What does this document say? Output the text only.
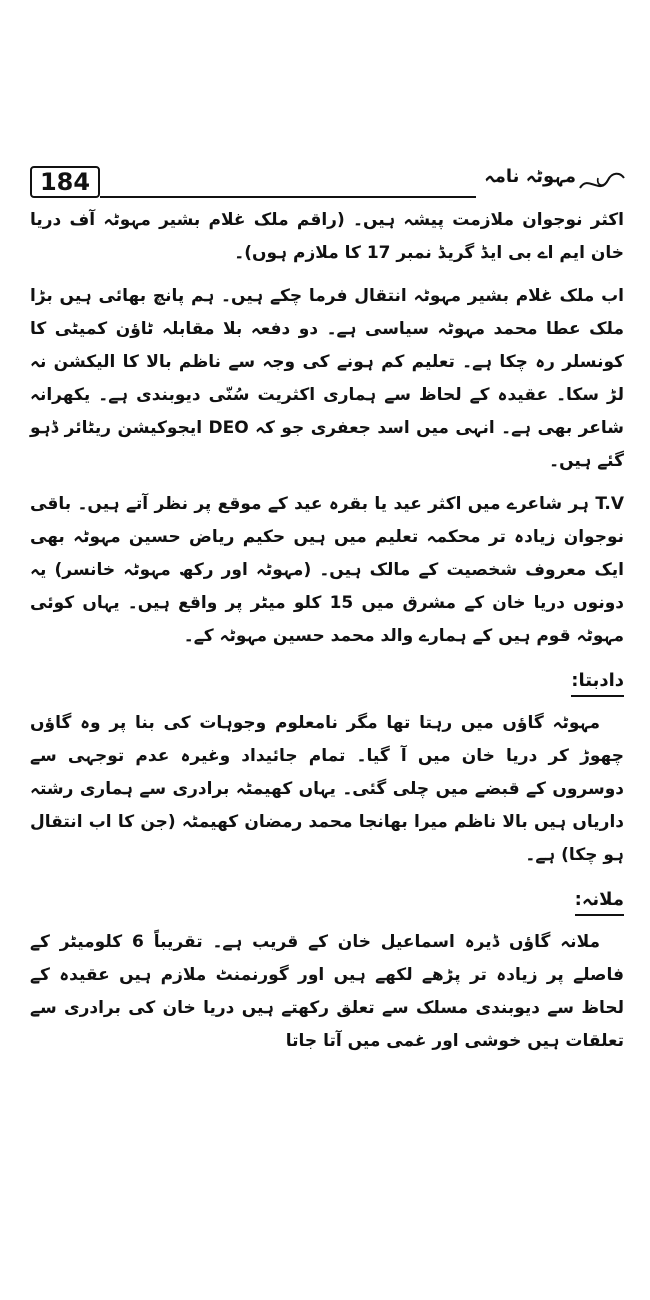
184	مہوٹہ نامہ

اکثر نوجوان ملازمت پیشہ ہیں۔ (راقم ملک غلام بشیر مہوٹہ آف دریا خان ایم اے بی ایڈ گریڈ نمبر 17 کا ملازم ہوں)۔

اب ملک غلام بشیر مہوٹہ انتقال فرما چکے ہیں۔ ہم پانچ بھائی ہیں بڑا ملک عطا محمد مہوٹہ سیاسی ہے۔ دو دفعہ بلا مقابلہ ٹاؤن کمیٹی کا کونسلر رہ چکا ہے۔ تعلیم کم ہونے کی وجہ سے ناظم بالا کا الیکشن نہ لڑ سکا۔ عقیدہ کے لحاظ سے ہماری اکثریت سُنّی دیوبندی ہے۔ یکھرانہ شاعر بھی ہے۔ انہی میں اسد جعفری جو کہ DEO ایجوکیشن ریٹائر ڈہو گئے ہیں۔

T.V ہر شاعرے میں اکثر عید یا بقرہ عید کے موقع پر نظر آتے ہیں۔ باقی نوجوان زیادہ تر محکمہ تعلیم میں ہیں حکیم ریاض حسین مہوٹہ بھی ایک معروف شخصیت کے مالک ہیں۔ (مہوٹہ اور رکھ مہوٹہ خانسر) یہ دونوں دریا خان کے مشرق میں 15 کلو میٹر پر واقع ہیں۔ یہاں کوئی مہوٹہ قوم ہیں کے ہمارے والد محمد حسین مہوٹہ کے۔

دادبتا:

مہوٹہ گاؤں میں رہتا تھا مگر نامعلوم وجوہات کی بنا پر وہ گاؤں چھوڑ کر دریا خان میں آ گیا۔ تمام جائیداد وغیرہ عدم توجہی سے دوسروں کے قبضے میں چلی گئی۔ یہاں کھیمٹہ برادری سے ہماری رشتہ داریاں ہیں بالا ناظم میرا بھانجا محمد رمضان کھیمٹہ (جن کا اب انتقال ہو چکا) ہے۔

ملانہ:

ملانہ گاؤں ڈیرہ اسماعیل خان کے قریب ہے۔ تقریباً 6 کلومیٹر کے فاصلے پر زیادہ تر پڑھے لکھے ہیں اور گورنمنٹ ملازم ہیں عقیدہ کے لحاظ سے دیوبندی مسلک سے تعلق رکھتے ہیں دریا خان کی برادری سے تعلقات ہیں خوشی اور غمی میں آتا جاتا
